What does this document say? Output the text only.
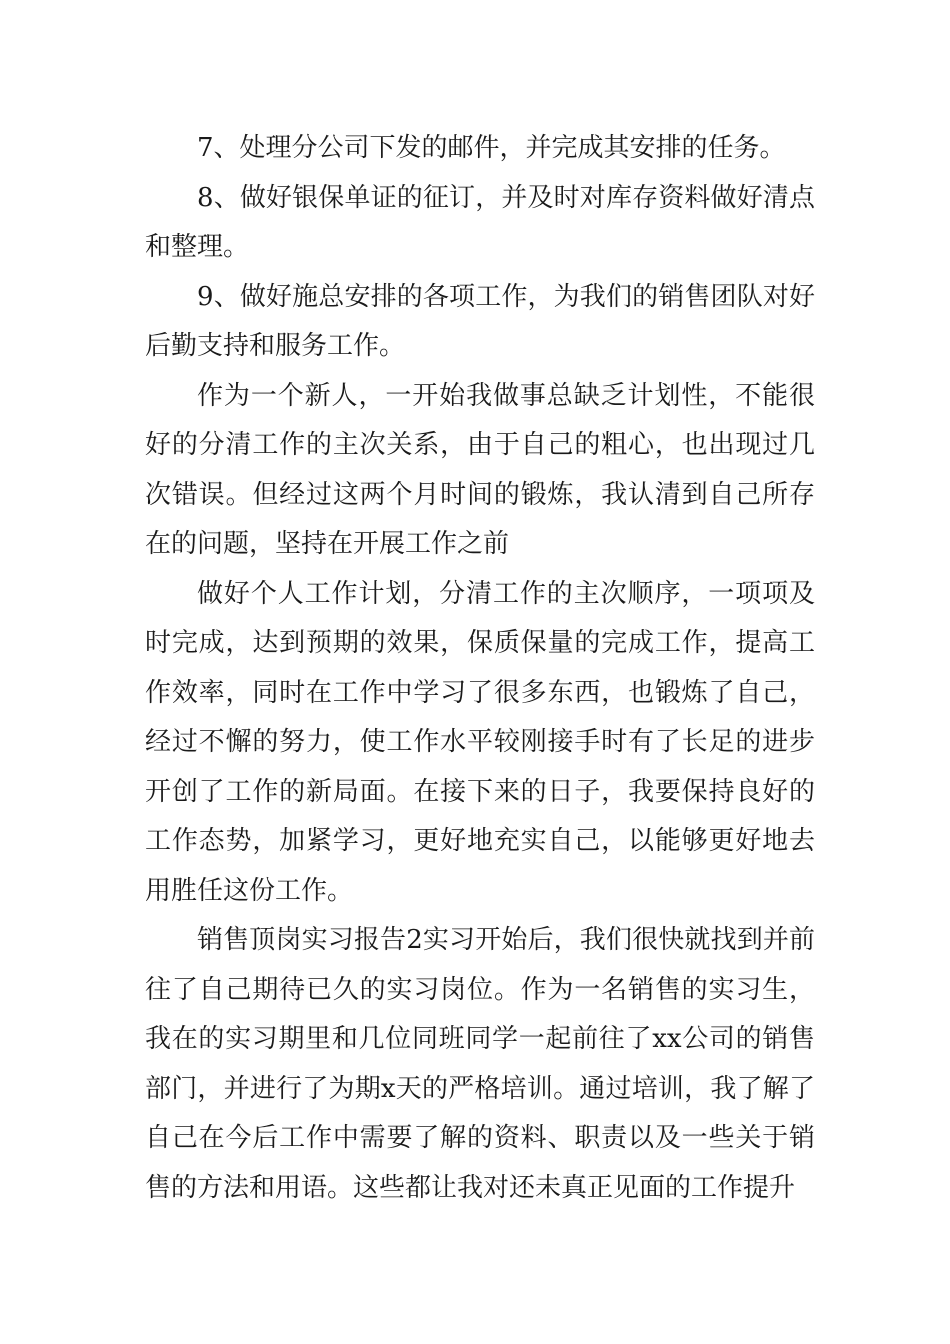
7、处理分公司下发的邮件，并完成其安排的任务。

8、做好银保单证的征订，并及时对库存资料做好清点和整理。

9、做好施总安排的各项工作，为我们的销售团队对好后勤支持和服务工作。

作为一个新人，一开始我做事总缺乏计划性，不能很好的分清工作的主次关系，由于自己的粗心，也出现过几次错误。但经过这两个月时间的锻炼，我认清到自己所存在的问题，坚持在开展工作之前

做好个人工作计划，分清工作的主次顺序，一项项及时完成，达到预期的效果，保质保量的完成工作，提高工作效率，同时在工作中学习了很多东西，也锻炼了自己，经过不懈的努力，使工作水平较刚接手时有了长足的进步开创了工作的新局面。在接下来的日子，我要保持良好的工作态势，加紧学习，更好地充实自己，以能够更好地去用胜任这份工作。

销售顶岗实习报告2实习开始后，我们很快就找到并前往了自己期待已久的实习岗位。作为一名销售的实习生，我在的实习期里和几位同班同学一起前往了xx公司的销售部门，并进行了为期x天的严格培训。通过培训，我了解了自己在今后工作中需要了解的资料、职责以及一些关于销售的方法和用语。这些都让我对还未真正见面的工作提升
